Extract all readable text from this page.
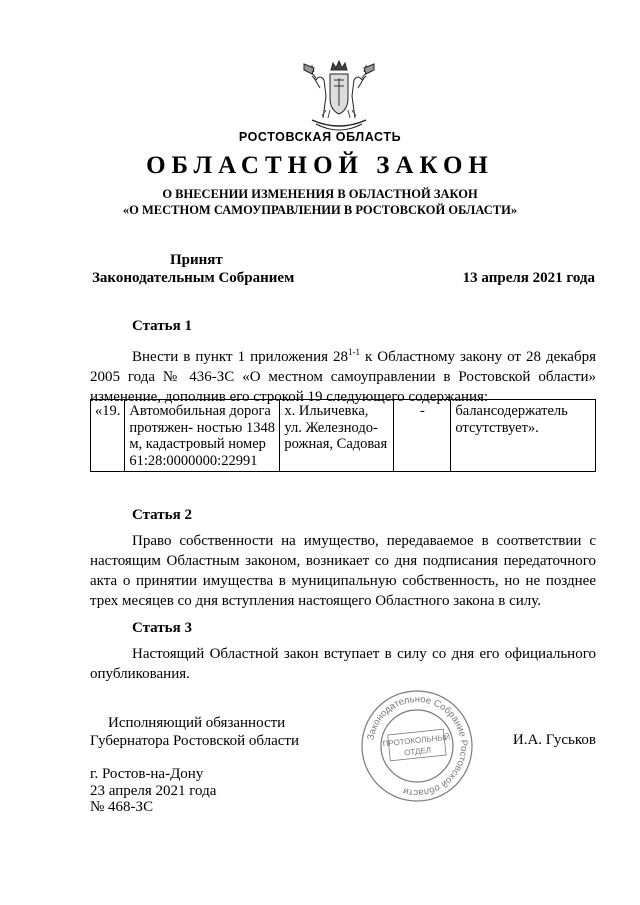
РОСТОВСКАЯ ОБЛАСТЬ
ОБЛАСТНОЙ ЗАКОН
О ВНЕСЕНИИ ИЗМЕНЕНИЯ В ОБЛАСТНОЙ ЗАКОН
«О МЕСТНОМ САМОУПРАВЛЕНИИ В РОСТОВСКОЙ ОБЛАСТИ»
Принят
Законодательным Собранием	13 апреля 2021 года
Статья 1

Внести в пункт 1 приложения 28$^{1-1}$ к Областному закону от 28 декабря 2005 года № 436-ЗС «О местном самоуправлении в Ростовской области» изменение, дополнив его строкой 19 следующего содержания:

«19.	Автомобильная дорога протяжен- ностью 1348 м, кадастровый номер 61:28:0000000:22991	х. Ильичевка, ул. Железнодо- рожная, Садовая	-	балансодержатель отсутствует».
Статья 2

Право собственности на имущество, передаваемое в соответствии с настоящим Областным законом, возникает со дня подписания передаточного акта о принятии имущества в муниципальную собственность, но не позднее трех месяцев со дня вступления настоящего Областного закона в силу.

Статья 3

Настоящий Областной закон вступает в силу со дня его официального опубликования.

Законодательное Собрание Ростовской области
ПРОТОКОЛЬНЫЙ
ОТДЕЛ
Исполняющий обязанности
Губернатора Ростовской области	И.А. Гуськов
г. Ростов-на-Дону
23 апреля 2021 года
№ 468-ЗС
